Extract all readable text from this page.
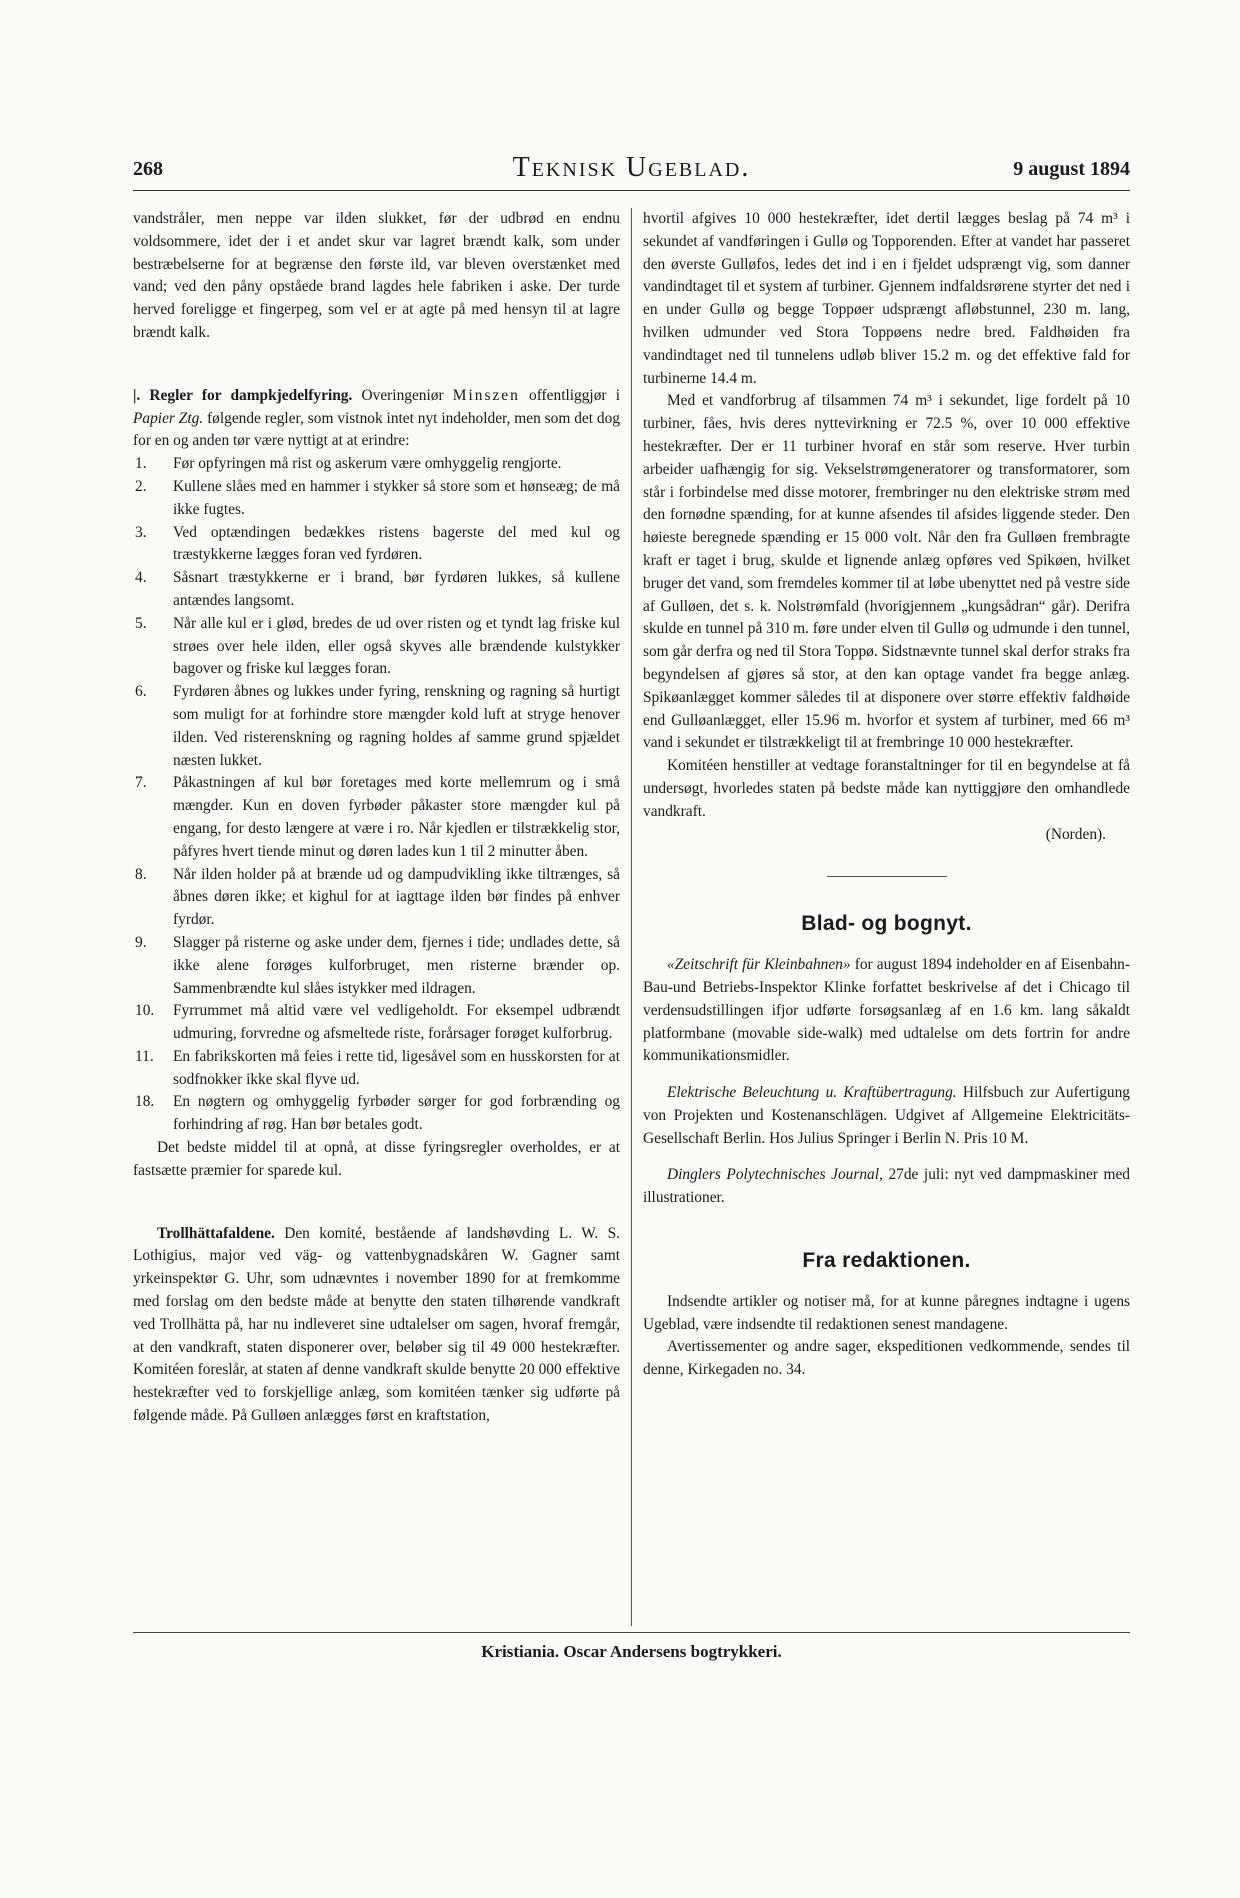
268	Teknisk Ugeblad.	9 august 1894

vandstråler, men neppe var ilden slukket, før der udbrød en endnu voldsommere, idet der i et andet skur var lagret brændt kalk, som under bestræbelserne for at begrænse den første ild, var bleven overstænket med vand; ved den påny opståede brand lagdes hele fabriken i aske. Der turde herved foreligge et fingerpeg, som vel er at agte på med hensyn til at lagre brændt kalk.

|. Regler for dampkjedelfyring. Overingeniør Minszen offentliggjør i Papier Ztg. følgende regler, som vistnok intet nyt indeholder, men som det dog for en og anden tør være nyttigt at at erindre:

1.	Før opfyringen må rist og askerum være omhyggelig rengjorte.
2.	Kullene slåes med en hammer i stykker så store som et hønseæg; de må ikke fugtes.
3.	Ved optændingen bedækkes ristens bagerste del med kul og træstykkerne lægges foran ved fyrdøren.
4.	Såsnart træstykkerne er i brand, bør fyrdøren lukkes, så kullene antændes langsomt.
5.	Når alle kul er i glød, bredes de ud over risten og et tyndt lag friske kul strøes over hele ilden, eller også skyves alle brændende kulstykker bagover og friske kul lægges foran.
6.	Fyrdøren åbnes og lukkes under fyring, renskning og ragning så hurtigt som muligt for at forhindre store mængder kold luft at stryge henover ilden. Ved risterenskning og ragning holdes af samme grund spjældet næsten lukket.
7.	Påkastningen af kul bør foretages med korte mellemrum og i små mængder. Kun en doven fyrbøder påkaster store mængder kul på engang, for desto længere at være i ro. Når kjedlen er tilstrækkelig stor, påfyres hvert tiende minut og døren lades kun 1 til 2 minutter åben.
8.	Når ilden holder på at brænde ud og dampudvikling ikke tiltrænges, så åbnes døren ikke; et kighul for at iagttage ilden bør findes på enhver fyrdør.
9.	Slagger på risterne og aske under dem, fjernes i tide; undlades dette, så ikke alene forøges kulforbruget, men risterne brænder op. Sammenbrændte kul slåes istykker med ildragen.
10.	Fyrrummet må altid være vel vedligeholdt. For eksempel udbrændt udmuring, forvredne og afsmeltede riste, forårsager forøget kulforbrug.
11.	En fabrikskorten må feies i rette tid, ligesåvel som en husskorsten for at sodfnokker ikke skal flyve ud.
18.	En nøgtern og omhyggelig fyrbøder sørger for god forbrænding og forhindring af røg. Han bør betales godt.

Det bedste middel til at opnå, at disse fyringsregler overholdes, er at fastsætte præmier for sparede kul.

Trollhättafaldene. Den komité, bestående af landshøvding L. W. S. Lothigius, major ved väg- og vattenbygnadskåren W. Gagner samt yrkeinspektør G. Uhr, som udnævntes i november 1890 for at fremkomme med forslag om den bedste måde at benytte den staten tilhørende vandkraft ved Trollhätta på, har nu indleveret sine udtalelser om sagen, hvoraf fremgår, at den vandkraft, staten disponerer over, beløber sig til 49 000 hestekræfter. Komitéen foreslår, at staten af denne vandkraft skulde benytte 20 000 effektive hestekræfter ved to forskjellige anlæg, som komitéen tænker sig udførte på følgende måde. På Gulløen anlægges først en kraftstation,

hvortil afgives 10 000 hestekræfter, idet dertil lægges beslag på 74 m³ i sekundet af vandføringen i Gullø og Topporenden. Efter at vandet har passeret den øverste Gulløfos, ledes det ind i en i fjeldet udsprængt vig, som danner vandindtaget til et system af turbiner. Gjennem indfaldsrørene styrter det ned i en under Gullø og begge Toppøer udsprængt afløbstunnel, 230 m. lang, hvilken udmunder ved Stora Toppøens nedre bred. Faldhøiden fra vandindtaget ned til tunnelens udløb bliver 15.2 m. og det effektive fald for turbinerne 14.4 m.

Med et vandforbrug af tilsammen 74 m³ i sekundet, lige fordelt på 10 turbiner, fåes, hvis deres nyttevirkning er 72.5 %, over 10 000 effektive hestekræfter. Der er 11 turbiner hvoraf en står som reserve. Hver turbin arbeider uafhængig for sig. Vekselstrømgeneratorer og transformatorer, som står i forbindelse med disse motorer, frembringer nu den elektriske strøm med den fornødne spænding, for at kunne afsendes til afsides liggende steder. Den høieste beregnede spænding er 15 000 volt. Når den fra Gulløen frembragte kraft er taget i brug, skulde et lignende anlæg opføres ved Spikøen, hvilket bruger det vand, som fremdeles kommer til at løbe ubenyttet ned på vestre side af Gulløen, det s. k. Nolstrømfald (hvorigjennem „kungsådran“ går). Derifra skulde en tunnel på 310 m. føre under elven til Gullø og udmunde i den tunnel, som går derfra og ned til Stora Toppø. Sidstnævnte tunnel skal derfor straks fra begyndelsen af gjøres så stor, at den kan optage vandet fra begge anlæg. Spikøanlægget kommer således til at disponere over større effektiv faldhøide end Gulløanlægget, eller 15.96 m. hvorfor et system af turbiner, med 66 m³ vand i sekundet er tilstrækkeligt til at frembringe 10 000 hestekræfter.

Komitéen henstiller at vedtage foranstaltninger for til en begyndelse at få undersøgt, hvorledes staten på bedste måde kan nyttiggjøre den omhandlede vandkraft.

(Norden).
Blad- og bognyt.

«Zeitschrift für Kleinbahnen» for august 1894 indeholder en af Eisenbahn-Bau-und Betriebs-Inspektor Klinke forfattet beskrivelse af det i Chicago til verdensudstillingen ifjor udførte forsøgsanlæg af en 1.6 km. lang såkaldt platformbane (movable side-walk) med udtalelse om dets fortrin for andre kommunikationsmidler.

Elektrische Beleuchtung u. Kraftübertragung. Hilfsbuch zur Aufertigung von Projekten und Kostenanschlägen. Udgivet af Allgemeine Elektricitäts-Gesellschaft Berlin. Hos Julius Springer i Berlin N. Pris 10 M.

Dinglers Polytechnisches Journal, 27de juli: nyt ved dampmaskiner med illustrationer.

Fra redaktionen.

Indsendte artikler og notiser må, for at kunne påregnes indtagne i ugens Ugeblad, være indsendte til redaktionen senest mandagene.

Avertissementer og andre sager, ekspeditionen vedkommende, sendes til denne, Kirkegaden no. 34.

Kristiania. Oscar Andersens bogtrykkeri.
